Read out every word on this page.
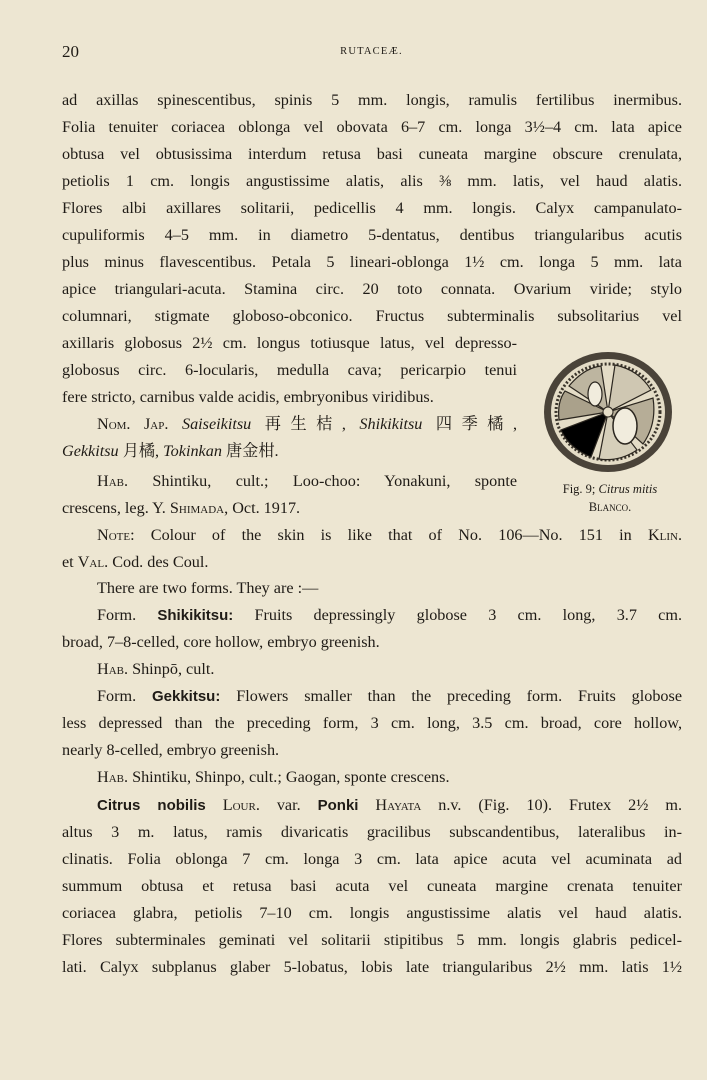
20	RUTACEÆ.
ad axillas spinescentibus, spinis 5 mm. longis, ramulis fertilibus inermibus.
Folia tenuiter coriacea oblonga vel obovata 6–7 cm. longa 3½–4 cm. lata apice
obtusa vel obtusissima interdum retusa basi cuneata margine obscure crenulata,
petiolis 1 cm. longis angustissime alatis, alis ⅜ mm. latis, vel haud alatis.
Flores albi axillares solitarii, pedicellis 4 mm. longis. Calyx campanulato-
cupuliformis 4–5 mm. in diametro 5-dentatus, dentibus triangularibus acutis
plus minus flavescentibus. Petala 5 lineari-oblonga 1½ cm. longa 5 mm. lata
apice triangulari-acuta. Stamina circ. 20 toto connata. Ovarium viride; stylo
columnari, stigmate globoso-obconico. Fructus subterminalis subsolitarius vel
axillaris globosus 2½ cm. longus totiusque latus, vel depresso-
globosus circ. 6-locularis, medulla cava; pericarpio tenui
fere stricto, carnibus valde acidis, embryonibus viridibus.
Nom. Jap. Saiseikitsu 再生桔, Shikikitsu 四季橘,
Gekkitsu 月橘, Tokinkan 唐金柑.
Hab. Shintiku, cult.; Loo-choo: Yonakuni, sponte
crescens, leg. Y. Shimada, Oct. 1917.
Fig. 9; Citrus mitis
Blanco.
Note: Colour of the skin is like that of No. 106—No. 151 in Klin.
et Val. Cod. des Coul.
There are two forms. They are :—
Form. Shikikitsu: Fruits depressingly globose 3 cm. long, 3.7 cm.
broad, 7–8-celled, core hollow, embryo greenish.
Hab. Shinpō, cult.
Form. Gekkitsu: Flowers smaller than the preceding form. Fruits globose
less depressed than the preceding form, 3 cm. long, 3.5 cm. broad, core hollow,
nearly 8-celled, embryo greenish.
Hab. Shintiku, Shinpo, cult.; Gaogan, sponte crescens.
Citrus nobilis Lour. var. Ponki Hayata n.v. (Fig. 10). Frutex 2½ m.
altus 3 m. latus, ramis divaricatis gracilibus subscandentibus, lateralibus in-
clinatis. Folia oblonga 7 cm. longa 3 cm. lata apice acuta vel acuminata ad
summum obtusa et retusa basi acuta vel cuneata margine crenata tenuiter
coriacea glabra, petiolis 7–10 cm. longis angustissime alatis vel haud alatis.
Flores subterminales geminati vel solitarii stipitibus 5 mm. longis glabris pedicel-
lati. Calyx subplanus glaber 5-lobatus, lobis late triangularibus 2½ mm. latis 1½
